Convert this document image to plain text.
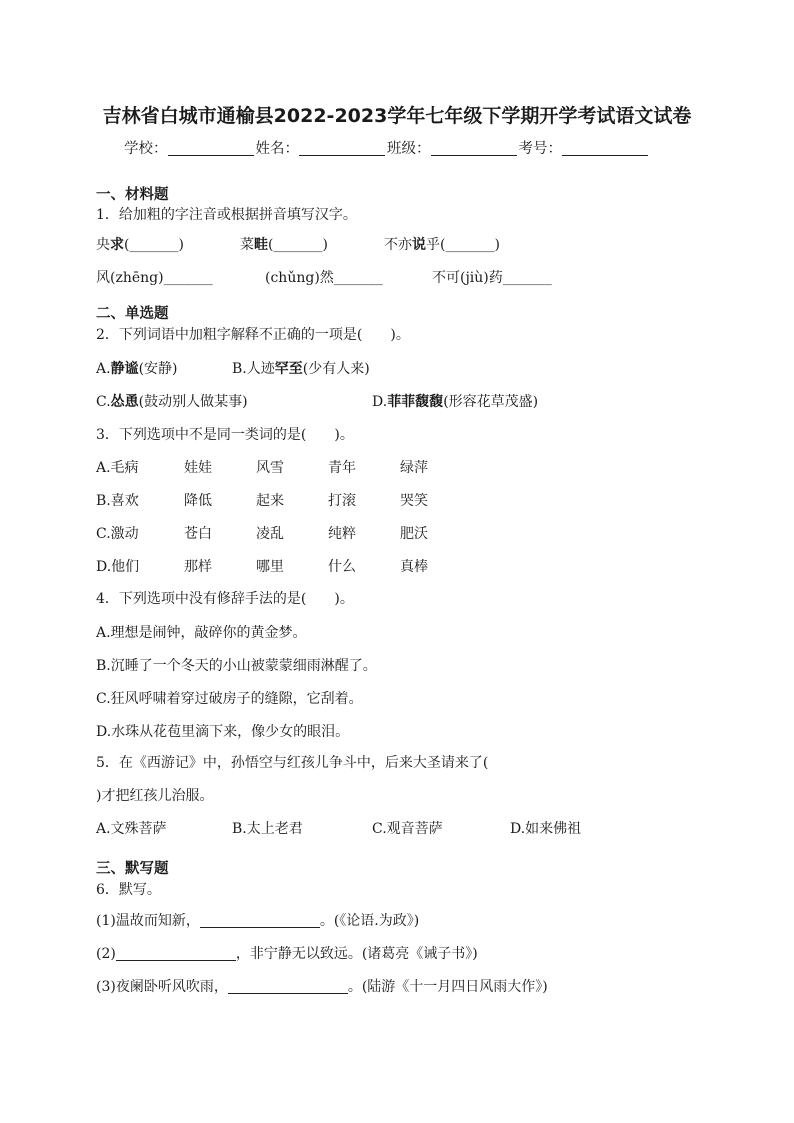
吉林省白城市通榆县2022-2023学年七年级下学期开学考试语文试卷
学校：	姓名：	班级：	考号：
一、材料题
1．给加粗的字注音或根据拼音填写汉字。
央求(_______)	菜畦(_______)	不亦说乎(_______)
风(zhēng)_______	(chǔng)然_______	不可(jiù)药_______
二、单选题
2．下列词语中加粗字解释不正确的一项是(　　)。
A.静谧(安静)	B.人迹罕至(少有人来)
C.怂恿(鼓动别人做某事)	D.菲菲馥馥(形容花草茂盛)
3．下列选项中不是同一类词的是(　　)。
A.毛病	娃娃	风雪	青年	绿萍
B.喜欢	降低	起来	打滚	哭笑
C.激动	苍白	凌乱	纯粹	肥沃
D.他们	那样	哪里	什么	真棒
4．下列选项中没有修辞手法的是(　　)。
A.理想是闹钟，敲碎你的黄金梦。
B.沉睡了一个冬天的小山被蒙蒙细雨淋醒了。
C.狂风呼啸着穿过破房子的缝隙，它刮着。
D.水珠从花苞里滴下来，像少女的眼泪。
5．在《西游记》中，孙悟空与红孩儿争斗中，后来大圣请来了(
)才把红孩儿治服。
A.文殊菩萨	B.太上老君	C.观音菩萨	D.如来佛祖
三、默写题
6．默写。
(1)温故而知新，	。(《论语.为政》)
(2)	，非宁静无以致远。(诸葛亮《诫子书》)
(3)夜阑卧听风吹雨，	。(陆游《十一月四日风雨大作》)
